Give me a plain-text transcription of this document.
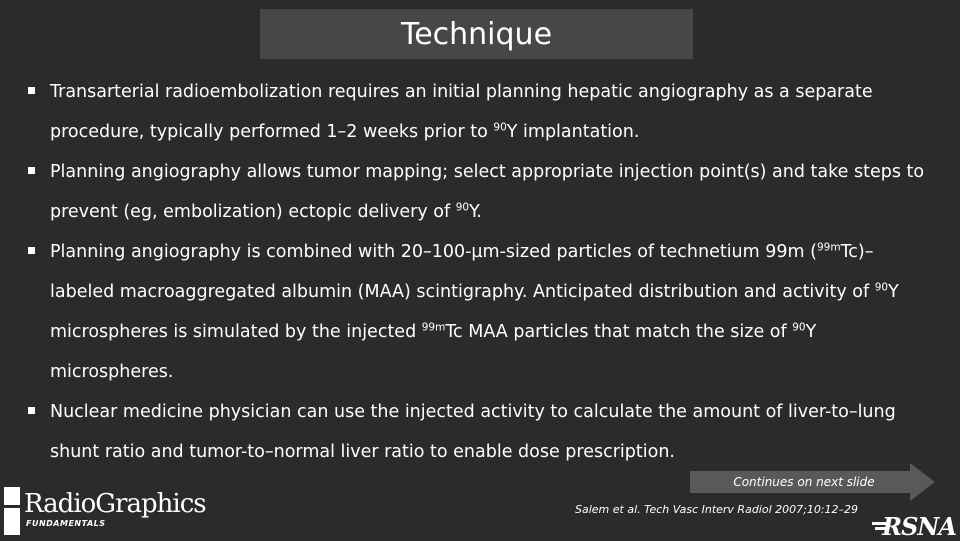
Technique
Transarterial radioembolization requires an initial planning hepatic angiography as a separate procedure, typically performed 1–2 weeks prior to $^{90}$Y implantation.
Planning angiography allows tumor mapping; select appropriate injection point(s) and take steps to prevent (eg, embolization) ectopic delivery of $^{90}$Y.
Planning angiography is combined with 20–100-µm-sized particles of technetium 99m ($^{99m}$Tc)–labeled macroaggregated albumin (MAA) scintigraphy. Anticipated distribution and activity of $^{90}$Y microspheres is simulated by the injected $^{99m}$Tc MAA particles that match the size of $^{90}$Y microspheres.
Nuclear medicine physician can use the injected activity to calculate the amount of liver-to–lung shunt ratio and tumor-to–normal liver ratio to enable dose prescription.
Continues on next slide
Salem et al. Tech Vasc Interv Radiol 2007;10:12–29
RadioGraphics
FUNDAMENTALS	RSNA
